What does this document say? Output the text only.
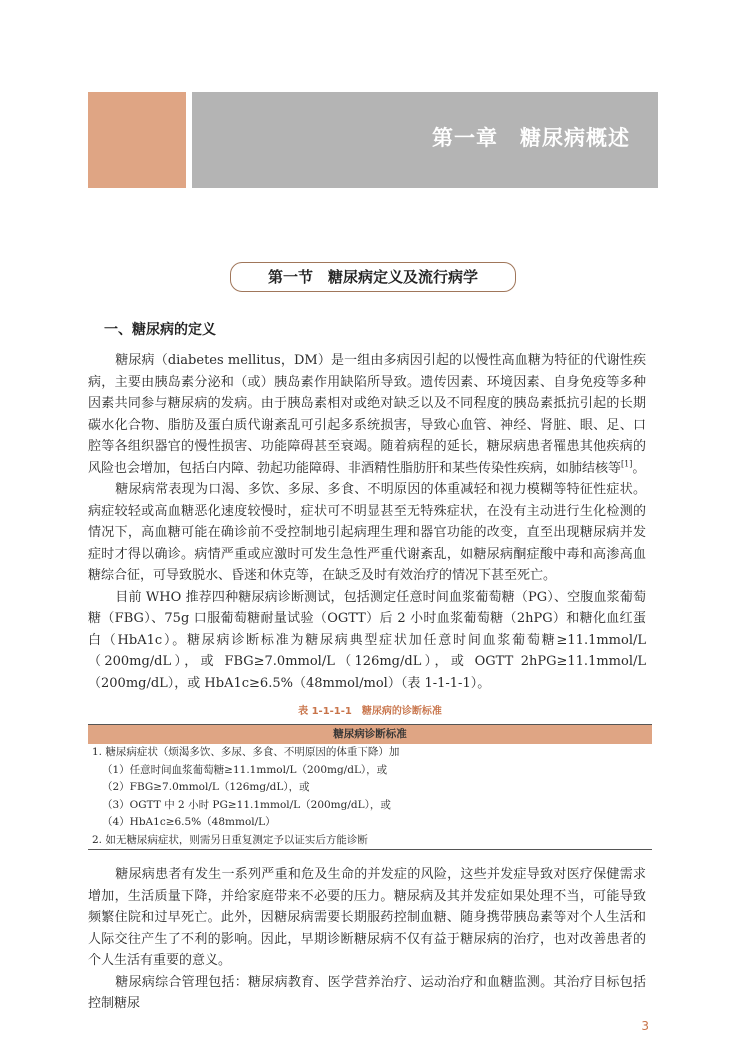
第一章　糖尿病概述
第一节　糖尿病定义及流行病学
一、糖尿病的定义

糖尿病（diabetes mellitus，DM）是一组由多病因引起的以慢性高血糖为特征的代谢性疾病，主要由胰岛素分泌和（或）胰岛素作用缺陷所导致。遗传因素、环境因素、自身免疫等多种因素共同参与糖尿病的发病。由于胰岛素相对或绝对缺乏以及不同程度的胰岛素抵抗引起的长期碳水化合物、脂肪及蛋白质代谢紊乱可引起多系统损害，导致心血管、神经、肾脏、眼、足、口腔等各组织器官的慢性损害、功能障碍甚至衰竭。随着病程的延长，糖尿病患者罹患其他疾病的风险也会增加，包括白内障、勃起功能障碍、非酒精性脂肪肝和某些传染性疾病，如肺结核等[1]。

糖尿病常表现为口渴、多饮、多尿、多食、不明原因的体重减轻和视力模糊等特征性症状。病症较轻或高血糖恶化速度较慢时，症状可不明显甚至无特殊症状，在没有主动进行生化检测的情况下，高血糖可能在确诊前不受控制地引起病理生理和器官功能的改变，直至出现糖尿病并发症时才得以确诊。病情严重或应激时可发生急性严重代谢紊乱，如糖尿病酮症酸中毒和高渗高血糖综合征，可导致脱水、昏迷和休克等，在缺乏及时有效治疗的情况下甚至死亡。

目前 WHO 推荐四种糖尿病诊断测试，包括测定任意时间血浆葡萄糖（PG）、空腹血浆葡萄糖（FBG）、75g 口服葡萄糖耐量试验（OGTT）后 2 小时血浆葡萄糖（2hPG）和糖化血红蛋白（HbA1c）。糖尿病诊断标准为糖尿病典型症状加任意时间血浆葡萄糖≥11.1mmol/L（200mg/dL），或 FBG≥7.0mmol/L（126mg/dL），或 OGTT 2hPG≥11.1mmol/L（200mg/dL），或 HbA1c≥6.5%（48mmol/mol）（表 1-1-1-1）。

表 1-1-1-1　糖尿病的诊断标准
糖尿病诊断标准
1. 糖尿病症状（烦渴多饮、多尿、多食、不明原因的体重下降）加
（1）任意时间血浆葡萄糖≥11.1mmol/L（200mg/dL），或
（2）FBG≥7.0mmol/L（126mg/dL），或
（3）OGTT 中 2 小时 PG≥11.1mmol/L（200mg/dL），或
（4）HbA1c≥6.5%（48mmol/L）
2. 如无糖尿病症状，则需另日重复测定予以证实后方能诊断

糖尿病患者有发生一系列严重和危及生命的并发症的风险，这些并发症导致对医疗保健需求增加，生活质量下降，并给家庭带来不必要的压力。糖尿病及其并发症如果处理不当，可能导致频繁住院和过早死亡。此外，因糖尿病需要长期服药控制血糖、随身携带胰岛素等对个人生活和人际交往产生了不利的影响。因此，早期诊断糖尿病不仅有益于糖尿病的治疗，也对改善患者的个人生活有重要的意义。

糖尿病综合管理包括：糖尿病教育、医学营养治疗、运动治疗和血糖监测。其治疗目标包括控制糖尿

3
